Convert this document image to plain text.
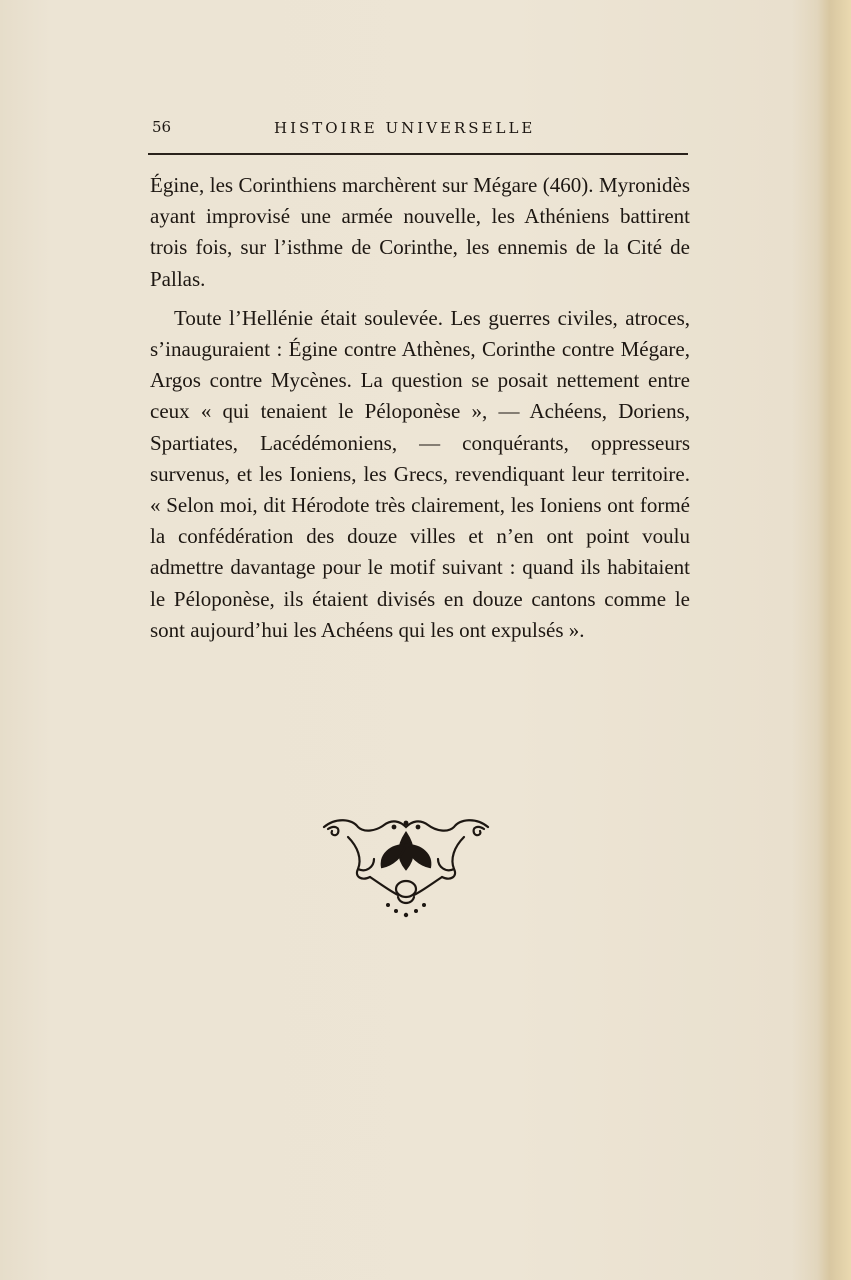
56	HISTOIRE UNIVERSELLE

Égine, les Corinthiens marchèrent sur Mégare (460). Myronidès ayant improvisé une armée nouvelle, les Athéniens battirent trois fois, sur l’isthme de Corinthe, les ennemis de la Cité de Pallas.

Toute l’Hellénie était soulevée. Les guerres civiles, atroces, s’inauguraient : Égine contre Athènes, Corinthe contre Mégare, Argos contre Mycènes. La question se posait nettement entre ceux « qui tenaient le Péloponèse », — Achéens, Doriens, Spartiates, Lacédémoniens, — conquérants, oppresseurs survenus, et les Ioniens, les Grecs, revendiquant leur territoire. « Selon moi, dit Hérodote très clairement, les Ioniens ont formé la confédération des douze villes et n’en ont point voulu admettre davantage pour le motif suivant : quand ils habitaient le Péloponèse, ils étaient divisés en douze cantons comme le sont aujourd’hui les Achéens qui les ont expulsés ».
